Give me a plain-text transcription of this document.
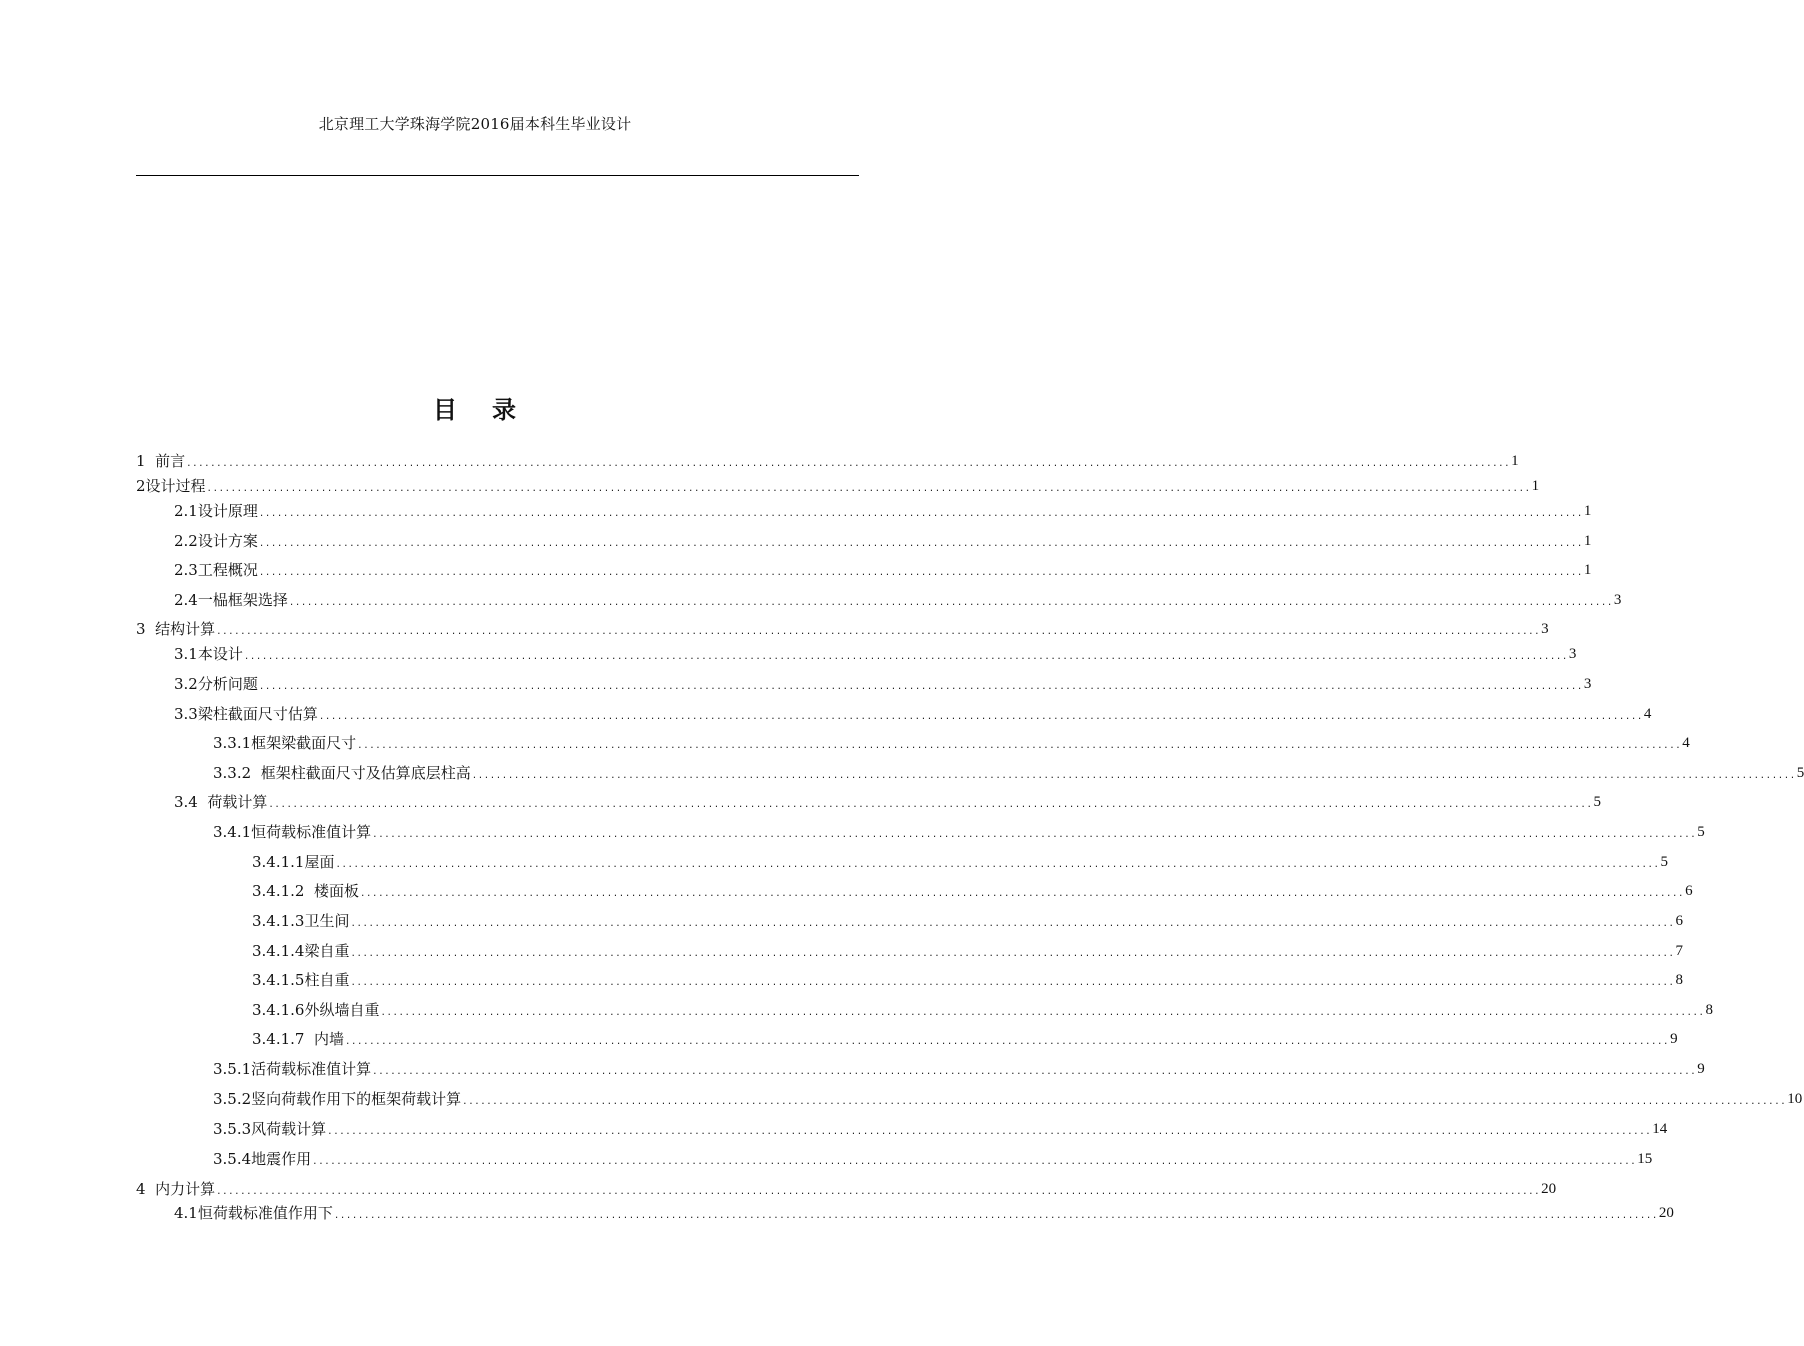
北京理工大学珠海学院2016届本科生毕业设计
目 录
1  前言 ............................................................................................................................................................................................................................ 1
2设计过程 ............................................................................................................................................................................................................................ 1
2.1设计原理 ............................................................................................................................................................................................................................ 1
2.2设计方案 ............................................................................................................................................................................................................................ 1
2.3工程概况 ............................................................................................................................................................................................................................ 1
2.4一榀框架选择 ............................................................................................................................................................................................................................ 3
3  结构计算 ............................................................................................................................................................................................................................ 3
3.1本设计 ............................................................................................................................................................................................................................ 3
3.2分析问题 ............................................................................................................................................................................................................................ 3
3.3梁柱截面尺寸估算 ............................................................................................................................................................................................................................ 4
3.3.1框架梁截面尺寸 ............................................................................................................................................................................................................................ 4
3.3.2  框架柱截面尺寸及估算底层柱高 ............................................................................................................................................................................................................................ 5
3.4  荷载计算 ............................................................................................................................................................................................................................ 5
3.4.1恒荷载标准值计算 ............................................................................................................................................................................................................................ 5
3.4.1.1屋面 ............................................................................................................................................................................................................................ 5
3.4.1.2  楼面板 ............................................................................................................................................................................................................................ 6
3.4.1.3卫生间 ............................................................................................................................................................................................................................ 6
3.4.1.4梁自重 ............................................................................................................................................................................................................................ 7
3.4.1.5柱自重 ............................................................................................................................................................................................................................ 8
3.4.1.6外纵墙自重 ............................................................................................................................................................................................................................ 8
3.4.1.7  内墙 ............................................................................................................................................................................................................................ 9
3.5.1活荷载标准值计算 ............................................................................................................................................................................................................................ 9
3.5.2竖向荷载作用下的框架荷载计算 ............................................................................................................................................................................................................................ 10
3.5.3风荷载计算 ............................................................................................................................................................................................................................ 14
3.5.4地震作用 ............................................................................................................................................................................................................................ 15
4  内力计算 ............................................................................................................................................................................................................................ 20
4.1恒荷载标准值作用下 ............................................................................................................................................................................................................................ 20
